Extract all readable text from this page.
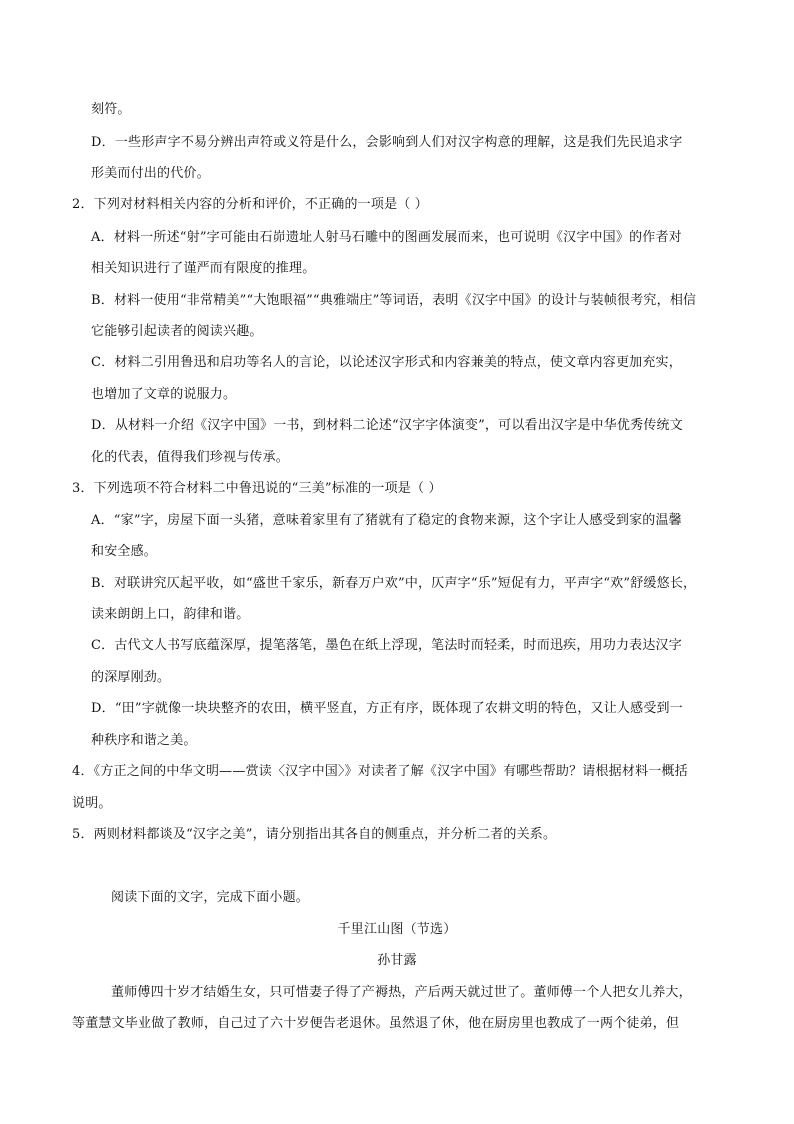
刻符。
D．一些形声字不易分辨出声符或义符是什么，会影响到人们对汉字构意的理解，这是我们先民追求字
形美而付出的代价。
2．下列对材料相关内容的分析和评价，不正确的一项是（ ）
A．材料一所述“射”字可能由石峁遗址人射马石雕中的图画发展而来，也可说明《汉字中国》的作者对
相关知识进行了谨严而有限度的推理。
B．材料一使用“非常精美”“大饱眼福”“典雅端庄”等词语，表明《汉字中国》的设计与装帧很考究，相信
它能够引起读者的阅读兴趣。
C．材料二引用鲁迅和启功等名人的言论，以论述汉字形式和内容兼美的特点，使文章内容更加充实，
也增加了文章的说服力。
D．从材料一介绍《汉字中国》一书，到材料二论述“汉字字体演变”，可以看出汉字是中华优秀传统文
化的代表，值得我们珍视与传承。
3．下列选项不符合材料二中鲁迅说的“三美”标准的一项是（ ）
A．“家”字，房屋下面一头猪，意味着家里有了猪就有了稳定的食物来源，这个字让人感受到家的温馨
和安全感。
B．对联讲究仄起平收，如“盛世千家乐，新春万户欢”中，仄声字“乐”短促有力，平声字“欢”舒缓悠长，
读来朗朗上口，韵律和谐。
C．古代文人书写底蕴深厚，提笔落笔，墨色在纸上浮现，笔法时而轻柔，时而迅疾，用功力表达汉字
的深厚刚劲。
D．“田”字就像一块块整齐的农田，横平竖直，方正有序，既体现了农耕文明的特色，又让人感受到一
种秩序和谐之美。
4．《方正之间的中华文明——赏读〈汉字中国〉》对读者了解《汉字中国》有哪些帮助？请根据材料一概括
说明。
5．两则材料都谈及“汉字之美”，请分别指出其各自的侧重点，并分析二者的关系。
阅读下面的文字，完成下面小题。
千里江山图（节选）
孙甘露
董师傅四十岁才结婚生女，只可惜妻子得了产褥热，产后两天就过世了。董师傅一个人把女儿养大，
等董慧文毕业做了教师，自己过了六十岁便告老退休。虽然退了休，他在厨房里也教成了一两个徒弟，但
